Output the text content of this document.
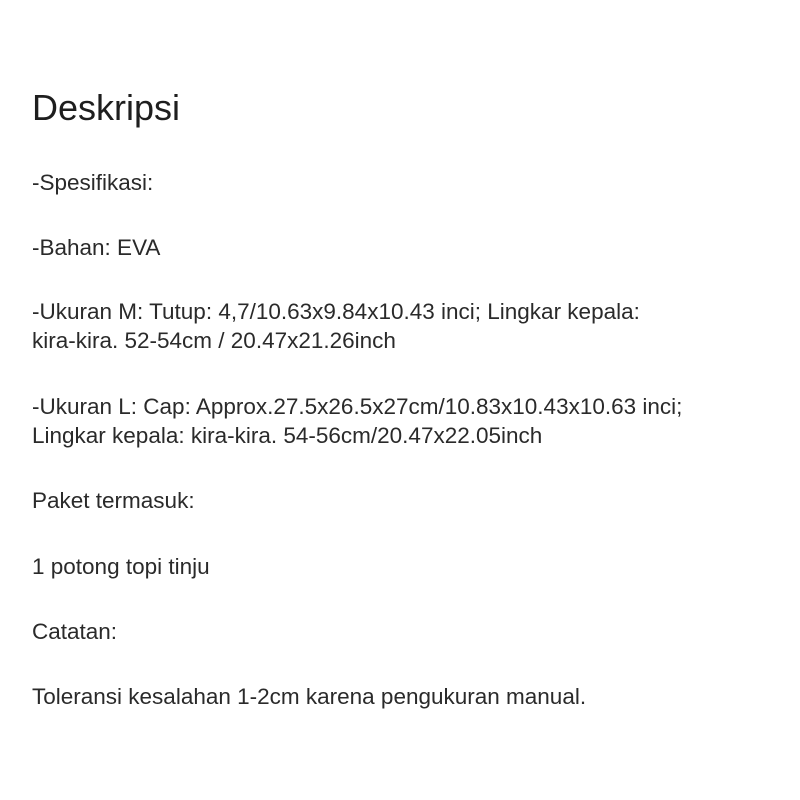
Deskripsi

-Spesifikasi:

-Bahan: EVA

-Ukuran M: Tutup: 4,7/10.63x9.84x10.43 inci; Lingkar kepala:
kira-kira. 52-54cm / 20.47x21.26inch

-Ukuran L: Cap: Approx.27.5x26.5x27cm/10.83x10.43x10.63 inci;
Lingkar kepala: kira-kira. 54-56cm/20.47x22.05inch

Paket termasuk:

1 potong topi tinju

Catatan:

Toleransi kesalahan 1-2cm karena pengukuran manual.
